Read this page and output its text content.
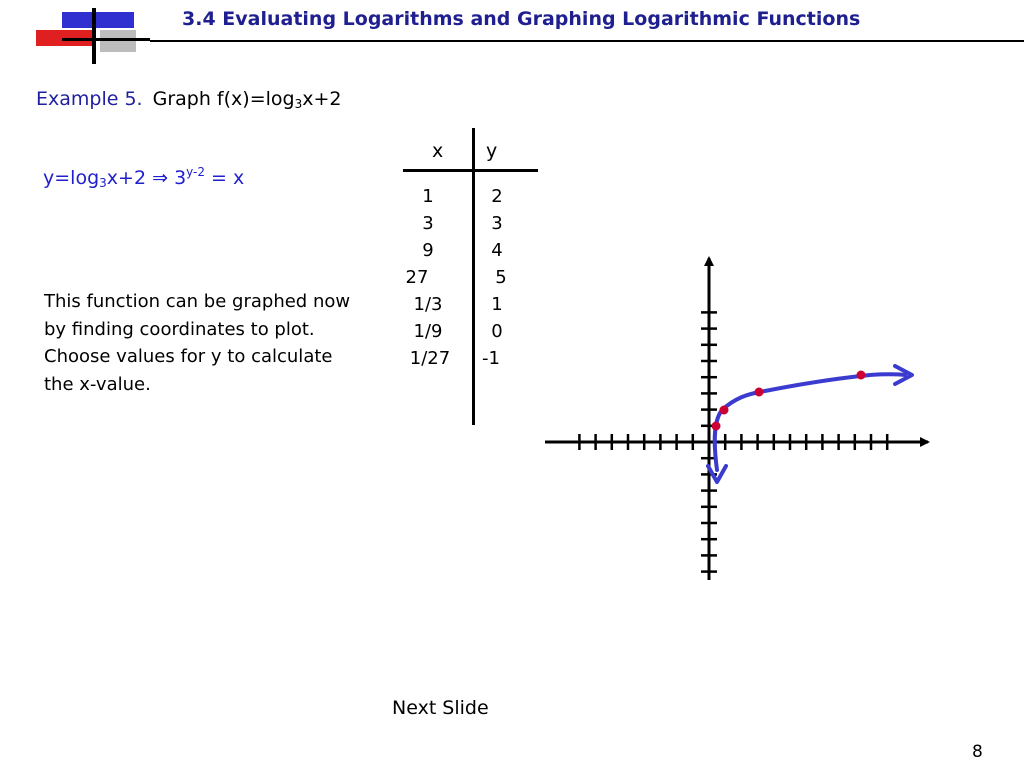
3.4 Evaluating Logarithms and Graphing Logarithmic Functions
Example 5. Graph $f(x)=\log_3x+2$
$y=\log_3x+2$ ⇒ $3^{y-2} = x$
This function can be graphed now by finding coordinates to plot. Choose values for y to calculate the x-value.
x y
1	2
3	3
9	4
27	5
1/3	1
1/9	0
1/27	-1
Next Slide
8
